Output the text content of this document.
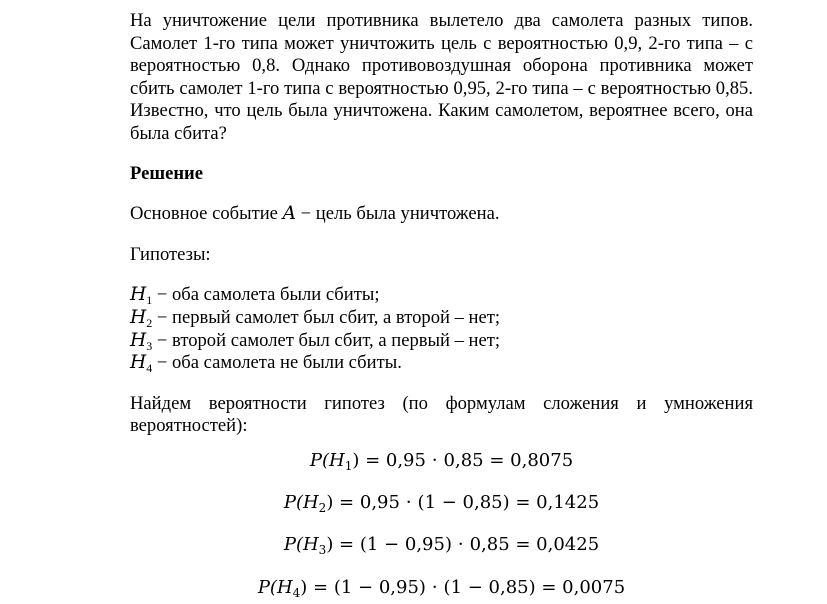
На уничтожение цели противника вылетело два самолета разных типов.
Самолет 1-го типа может уничтожить цель с вероятностью 0,9, 2-го типа – с
вероятностью 0,8. Однако противовоздушная оборона противника может
сбить самолет 1-го типа с вероятностью 0,95, 2-го типа – с вероятностью 0,85.
Известно, что цель была уничтожена. Каким самолетом, вероятнее всего, она
была сбита?
Решение
Основное событие A − цель была уничтожена.
Гипотезы:
$H_1$ − оба самолета были сбиты;
$H_2$ − первый самолет был сбит, а второй – нет;
$H_3$ − второй самолет был сбит, а первый – нет;
$H_4$ − оба самолета не были сбиты.
Найдем вероятности гипотез (по формулам сложения и умножения
вероятностей):
$P(H_1) = 0,95 \cdot 0,85 = 0,8075$
$P(H_2) = 0,95 \cdot (1 - 0,85) = 0,1425$
$P(H_3) = (1 - 0,95) \cdot 0,85 = 0,0425$
$P(H_4) = (1 - 0,95) \cdot (1 - 0,85) = 0,0075$
